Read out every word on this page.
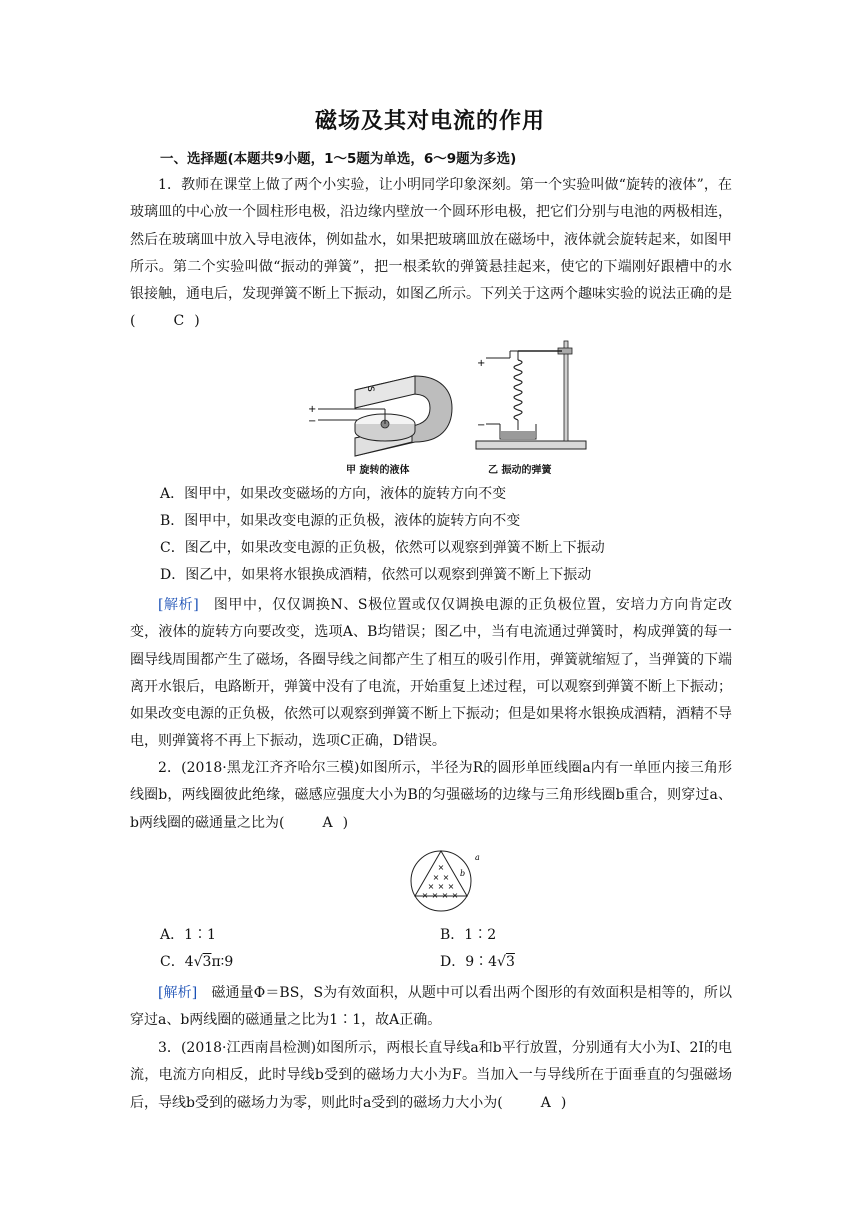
磁场及其对电流的作用
一、选择题(本题共9小题，1～5题为单选，6～9题为多选)

1．教师在课堂上做了两个小实验，让小明同学印象深刻。第一个实验叫做“旋转的液体”，在玻璃皿的中心放一个圆柱形电极，沿边缘内壁放一个圆环形电极，把它们分别与电池的两极相连，然后在玻璃皿中放入导电液体，例如盐水，如果把玻璃皿放在磁场中，液体就会旋转起来，如图甲所示。第二个实验叫做“振动的弹簧”，把一根柔软的弹簧悬挂起来，使它的下端刚好跟槽中的水银接触，通电后，发现弹簧不断上下振动，如图乙所示。下列关于这两个趣味实验的说法正确的是(	C )

S
+
−
+
−
甲 旋转的液体	乙 振动的弹簧
A．图甲中，如果改变磁场的方向，液体的旋转方向不变
B．图甲中，如果改变电源的正负极，液体的旋转方向不变
C．图乙中，如果改变电源的正负极，依然可以观察到弹簧不断上下振动
D．图乙中，如果将水银换成酒精，依然可以观察到弹簧不断上下振动

[解析]　 图甲中，仅仅调换N、S极位置或仅仅调换电源的正负极位置，安培力方向肯定改变，液体的旋转方向要改变，选项A、B均错误；图乙中，当有电流通过弹簧时，构成弹簧的每一圈导线周围都产生了磁场，各圈导线之间都产生了相互的吸引作用，弹簧就缩短了，当弹簧的下端离开水银后，电路断开，弹簧中没有了电流，开始重复上述过程，可以观察到弹簧不断上下振动；如果改变电源的正负极，依然可以观察到弹簧不断上下振动；但是如果将水银换成酒精，酒精不导电，则弹簧将不再上下振动，选项C正确，D错误。

2．(2018·黑龙江齐齐哈尔三模)如图所示，半径为R的圆形单匝线圈a内有一单匝内接三角形线圈b，两线圈彼此绝缘，磁感应强度大小为B的匀强磁场的边缘与三角形线圈b重合，则穿过a、b两线圈的磁通量之比为(	A )

×
× ×
× × ×
× × × ×
a
b
A．1∶1	B．1∶2
C．4√3π∶9	D．9∶4√3

[解析]　 磁通量Φ＝BS，S为有效面积，从题中可以看出两个图形的有效面积是相等的，所以穿过a、b两线圈的磁通量之比为1∶1，故A正确。

3．(2018·江西南昌检测)如图所示，两根长直导线a和b平行放置，分别通有大小为I、2I的电流，电流方向相反，此时导线b受到的磁场力大小为F。当加入一与导线所在于面垂直的匀强磁场后，导线b受到的磁场力为零，则此时a受到的磁场力大小为(	A )
